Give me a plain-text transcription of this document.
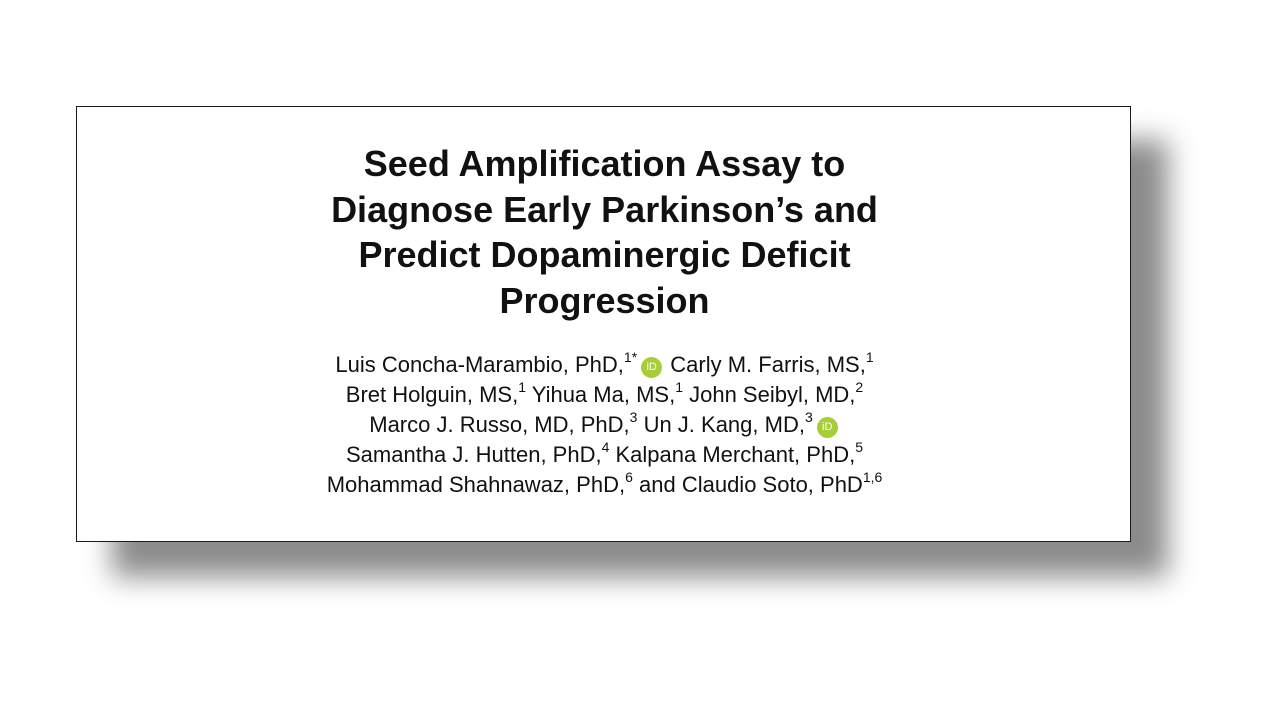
Seed Amplification Assay to
Diagnose Early Parkinson’s and
Predict Dopaminergic Deficit
Progression
Luis Concha-Marambio, PhD,$^{1*}$iD Carly M. Farris, MS,$^1$
Bret Holguin, MS,$^1$ Yihua Ma, MS,$^1$ John Seibyl, MD,$^2$
Marco J. Russo, MD, PhD,$^3$ Un J. Kang, MD,$^3$iD
Samantha J. Hutten, PhD,$^4$ Kalpana Merchant, PhD,$^5$
Mohammad Shahnawaz, PhD,$^6$ and Claudio Soto, PhD$^{1,6}$
